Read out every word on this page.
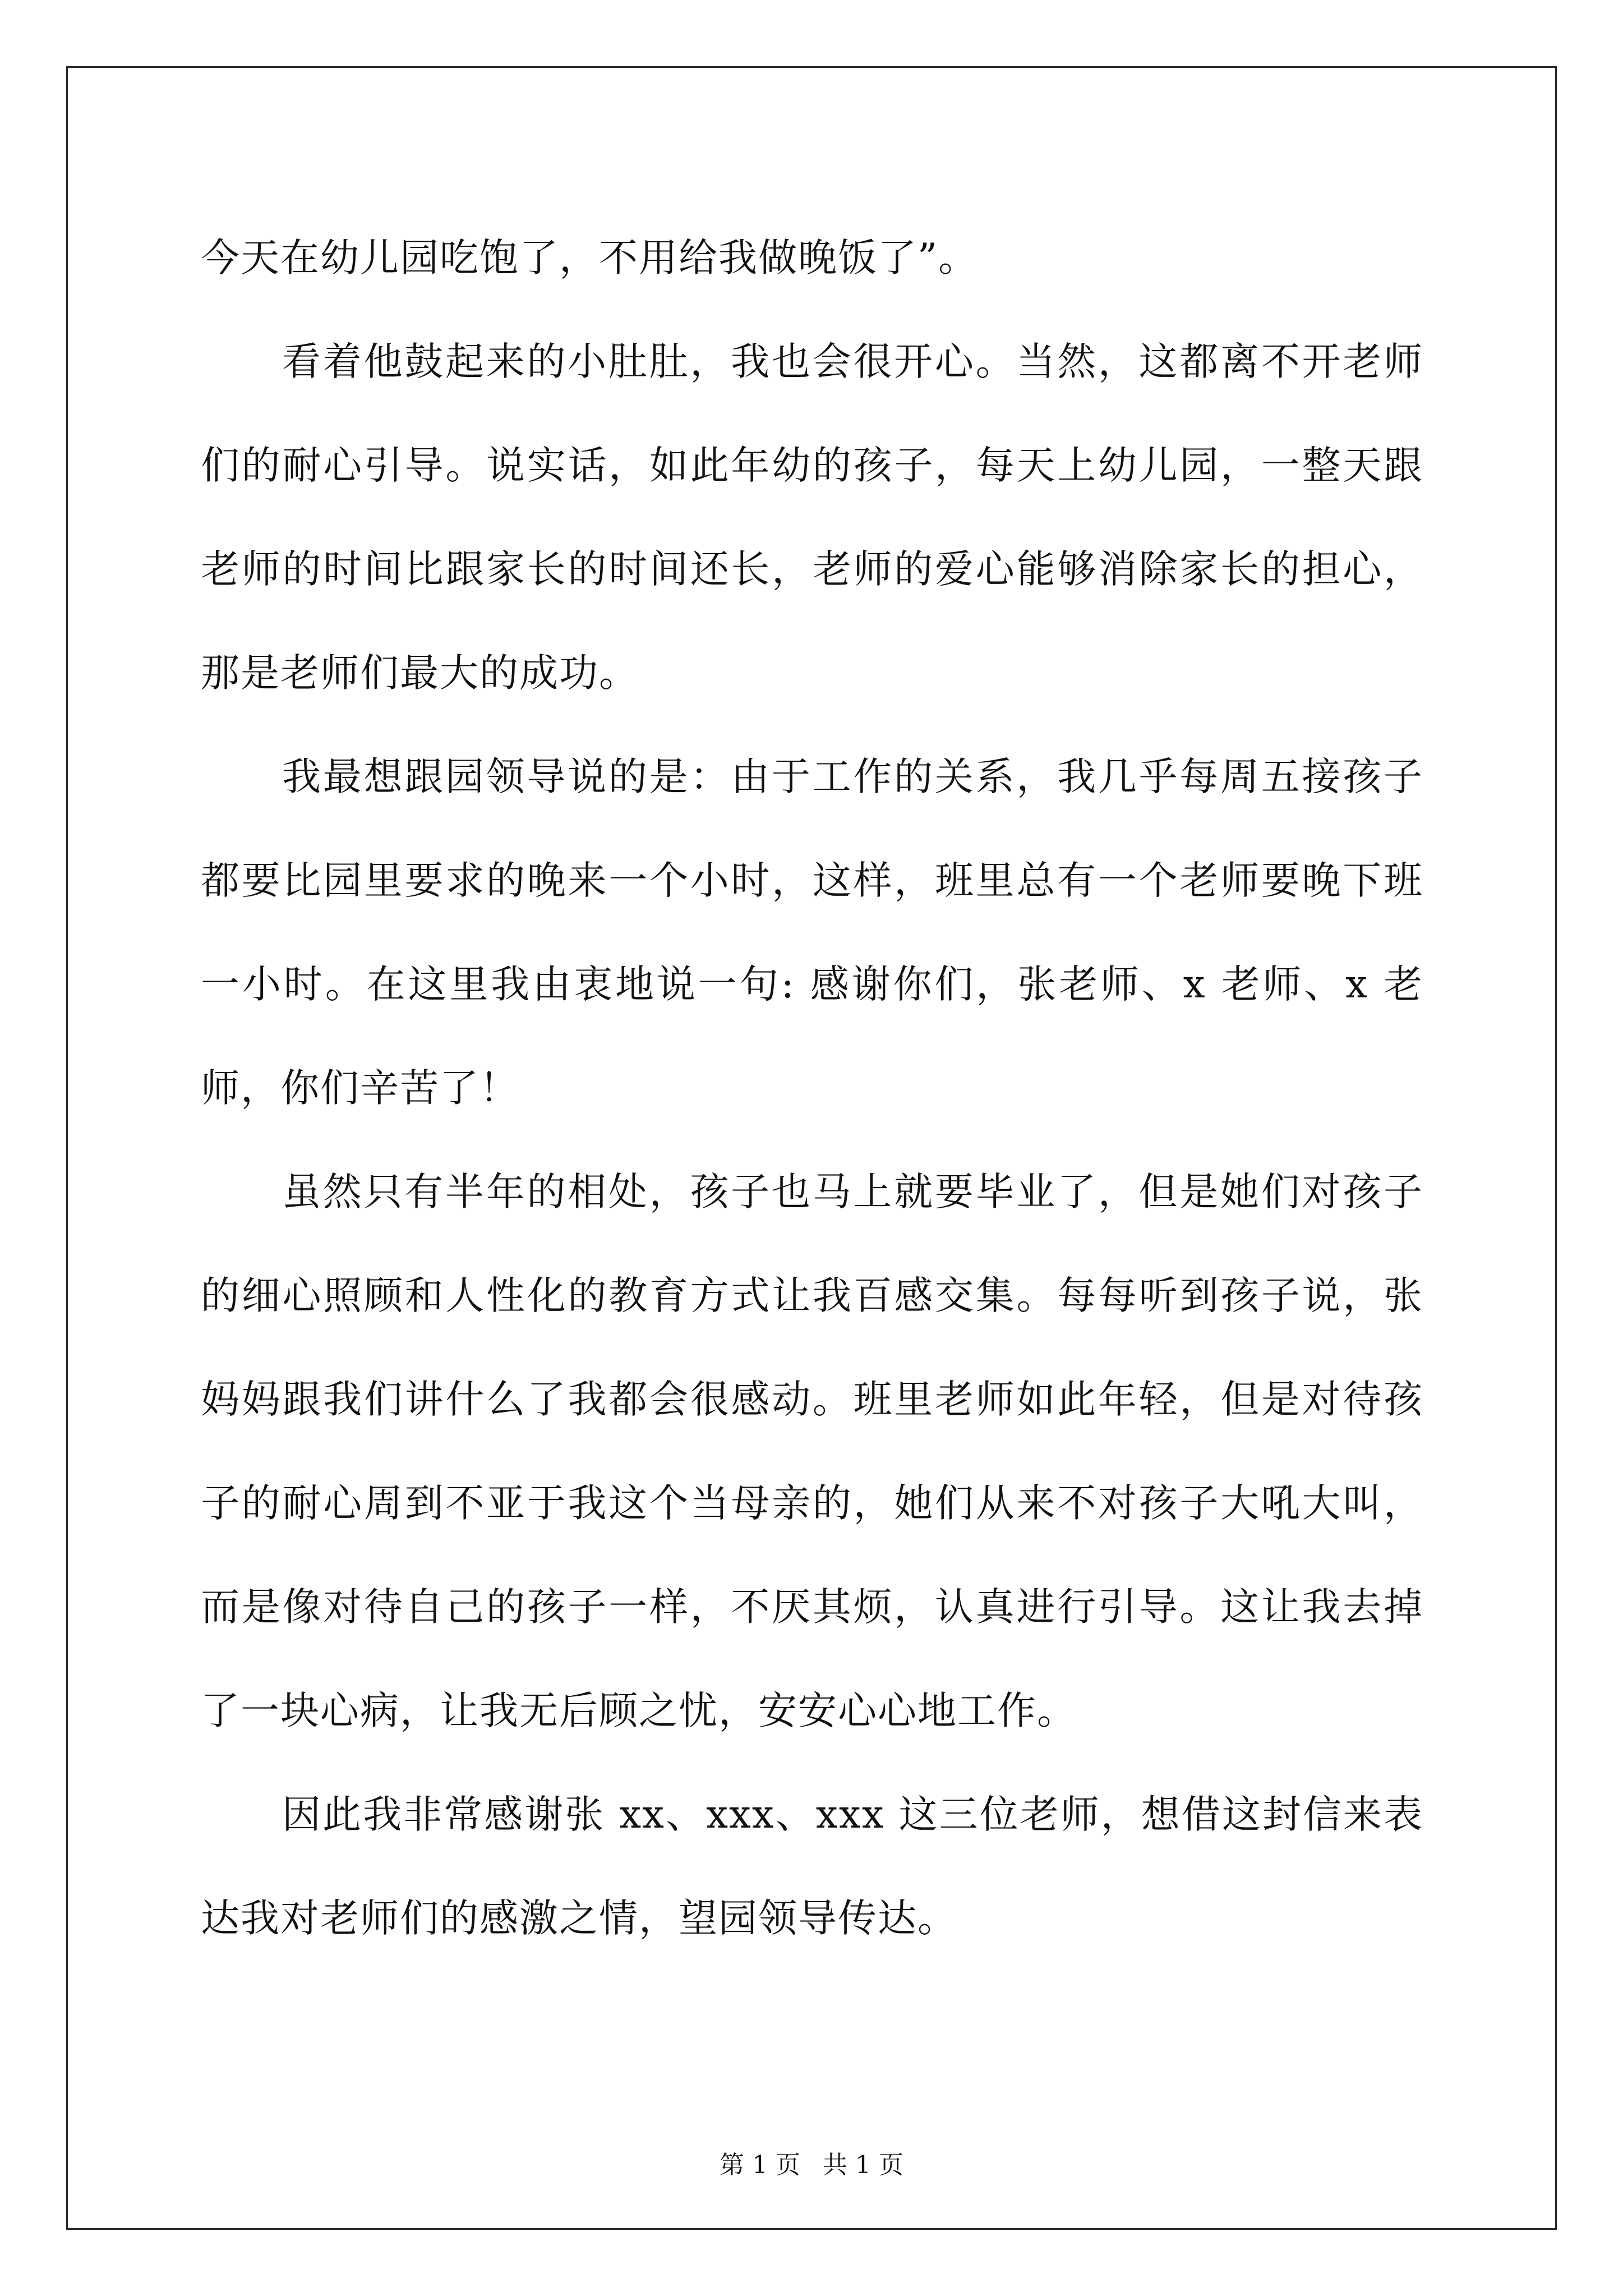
今天在幼儿园吃饱了，不用给我做晚饭了”。

看着他鼓起来的小肚肚，我也会很开心。当然，这都离不开老师们的耐心引导。说实话，如此年幼的孩子，每天上幼儿园，一整天跟老师的时间比跟家长的时间还长，老师的爱心能够消除家长的担心，那是老师们最大的成功。

我最想跟园领导说的是：由于工作的关系，我几乎每周五接孩子都要比园里要求的晚来一个小时，这样，班里总有一个老师要晚下班一小时。在这里我由衷地说一句: 感谢你们，张老师、x 老师、x 老师，你们辛苦了！

虽然只有半年的相处，孩子也马上就要毕业了，但是她们对孩子的细心照顾和人性化的教育方式让我百感交集。每每听到孩子说，张妈妈跟我们讲什么了我都会很感动。班里老师如此年轻，但是对待孩子的耐心周到不亚于我这个当母亲的，她们从来不对孩子大吼大叫，而是像对待自己的孩子一样，不厌其烦，认真进行引导。这让我去掉了一块心病，让我无后顾之忧，安安心心地工作。

因此我非常感谢张 xx、xxx、xxx 这三位老师，想借这封信来表达我对老师们的感激之情，望园领导传达。

第 1 页 共 1 页
